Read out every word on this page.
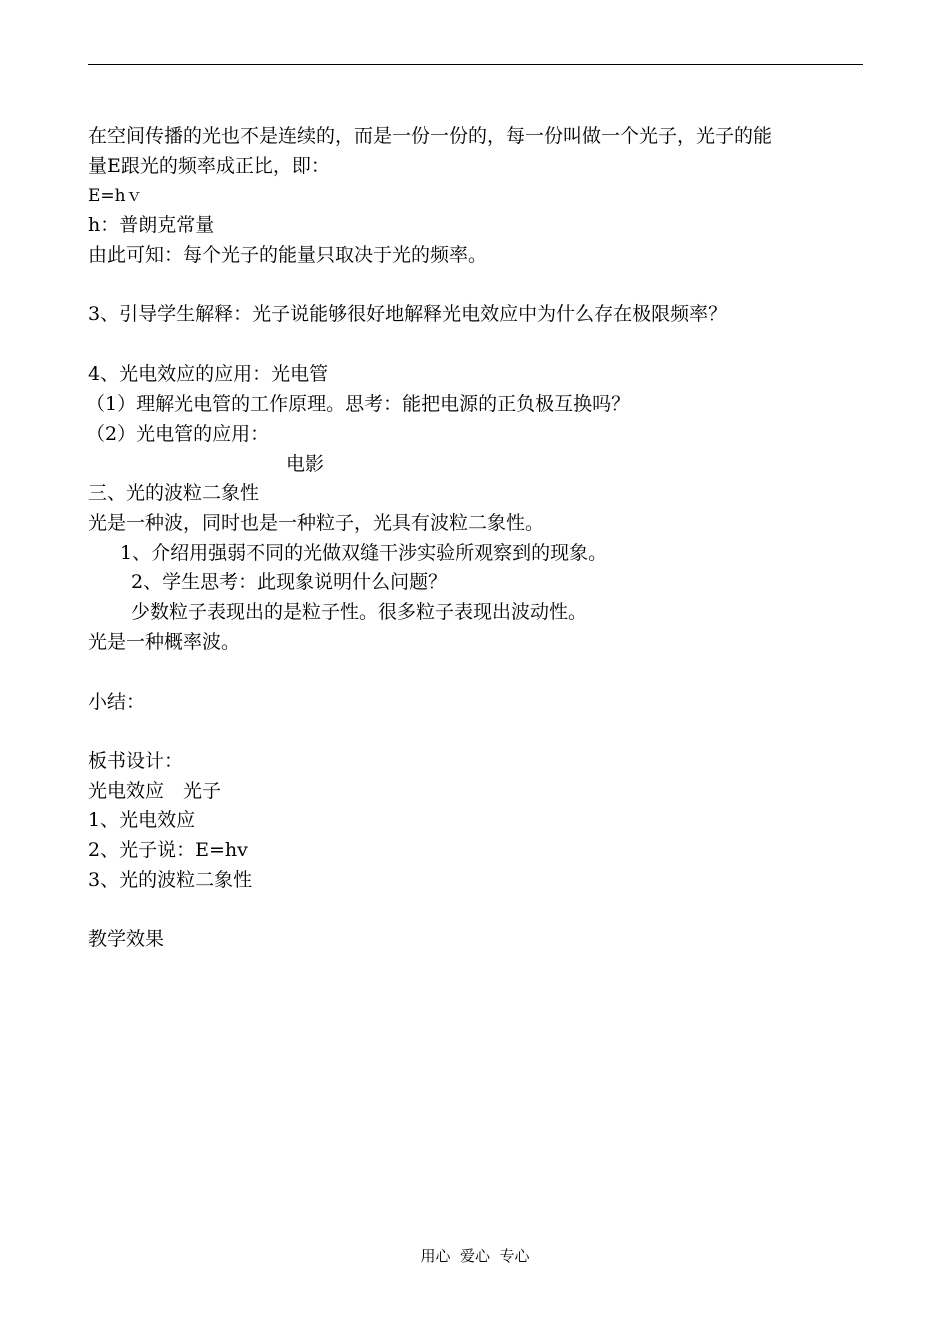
在空间传播的光也不是连续的，而是一份一份的，每一份叫做一个光子，光子的能
量E跟光的频率成正比，即：
E=hｖ
h：普朗克常量
由此可知：每个光子的能量只取决于光的频率。
3、引导学生解释：光子说能够很好地解释光电效应中为什么存在极限频率？
4、光电效应的应用：光电管
（1）理解光电管的工作原理。思考：能把电源的正负极互换吗？
（2）光电管的应用：
电影
三、光的波粒二象性
光是一种波，同时也是一种粒子，光具有波粒二象性。
1、介绍用强弱不同的光做双缝干涉实验所观察到的现象。
2、学生思考：此现象说明什么问题？
少数粒子表现出的是粒子性。很多粒子表现出波动性。
光是一种概率波。
小结：
板书设计：
光电效应　光子
1、光电效应
2、光子说：E=hv
3、光的波粒二象性
教学效果
用心  爱心  专心
